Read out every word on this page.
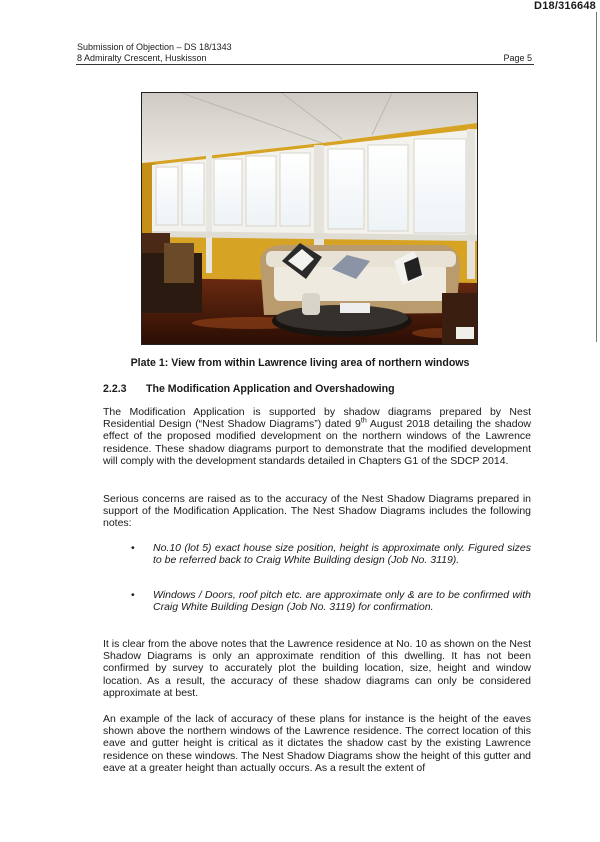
D18/316648
Submission of Objection – DS 18/1343
8 Admiralty Crescent, Huskisson	Page 5
Plate 1: View from within Lawrence living area of northern windows
2.2.3 The Modification Application and Overshadowing

The Modification Application is supported by shadow diagrams prepared by Nest Residential Design (“Nest Shadow Diagrams”) dated 9th August 2018 detailing the shadow effect of the proposed modified development on the northern windows of the Lawrence residence. These shadow diagrams purport to demonstrate that the modified development will comply with the development standards detailed in Chapters G1 of the SDCP 2014.

Serious concerns are raised as to the accuracy of the Nest Shadow Diagrams prepared in support of the Modification Application. The Nest Shadow Diagrams includes the following notes:

• No.10 (lot 5) exact house size position, height is approximate only. Figured sizes to be referred back to Craig White Building design (Job No. 3119).
• Windows / Doors, roof pitch etc. are approximate only & are to be confirmed with Craig White Building Design (Job No. 3119) for confirmation.

It is clear from the above notes that the Lawrence residence at No. 10 as shown on the Nest Shadow Diagrams is only an approximate rendition of this dwelling. It has not been confirmed by survey to accurately plot the building location, size, height and window location. As a result, the accuracy of these shadow diagrams can only be considered approximate at best.

An example of the lack of accuracy of these plans for instance is the height of the eaves shown above the northern windows of the Lawrence residence. The correct location of this eave and gutter height is critical as it dictates the shadow cast by the existing Lawrence residence on these windows. The Nest Shadow Diagrams show the height of this gutter and eave at a greater height than actually occurs. As a result the extent of
